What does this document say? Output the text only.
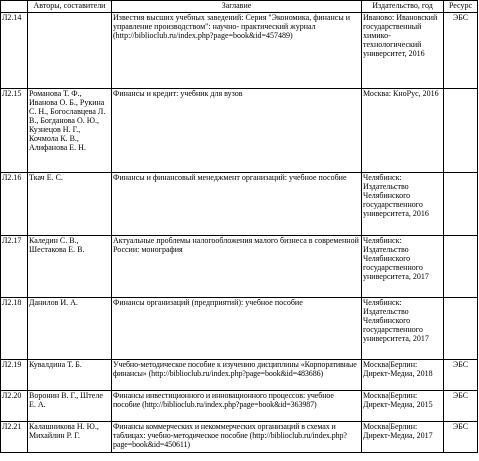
	Авторы, составители	Заглавие	Издательство, год	Ресурс
Л2.14		Известия высших учебных заведений: Серия "Экономика, финансы и управление производством": научно- практический журнал (http://biblioclub.ru/index.php?page=book&id=457489)	Иваново: Ивановский государственный химико-технологический университет, 2016	ЭБС
Л2.15	Романова Т. Ф., Иванова О. Б., Рукина С. Н., Богославцева Л. В., Богданова О. Ю., Кузнецов Н. Г., Кочмола К. В., Алифанова Е. Н.	Финансы и кредит: учебник для вузов	Москва: КноРус, 2016	
Л2.16	Ткач Е. С.	Финансы и финансовый менеджмент организаций: учебное пособие	Челябинск: Издательство Челябинского государственного университета, 2016	
Л2.17	Каледин С. В., Шестакова Е. В.	Актуальные проблемы налогообложения малого бизнеса в современной России: монография	Челябинск: Издательство Челябинского государственного университета, 2017	
Л2.18	Данилов И. А.	Финансы организаций (предприятий): учебное пособие	Челябинск: Издательство Челябинского государственного университета, 2017	
Л2.19	Кувалдина Т. Б.	Учебно-методическое пособие к изучению дисциплины «Корпоративные финансы» (http://biblioclub.ru/index.php?page=book&id=483686)	Москва|Берлин: Директ-Медиа, 2018	ЭБС
Л2.20	Воронин В. Г., Штеле Е. А.	Финансы инвестиционного и инновационного процессов: учебное пособие (http://biblioclub.ru/index.php?page=book&id=363987)	Москва|Берлин: Директ-Медиа, 2015	ЭБС
Л2.21	Калашникова Н. Ю., Михайлин Р. Г.	Финансы коммерческих и некоммерческих организаций в схемах и таблицах: учебно-методическое пособие (http://biblioclub.ru/index.php?page=book&id=450611)	Москва|Берлин: Директ-Медиа, 2017	ЭБС
